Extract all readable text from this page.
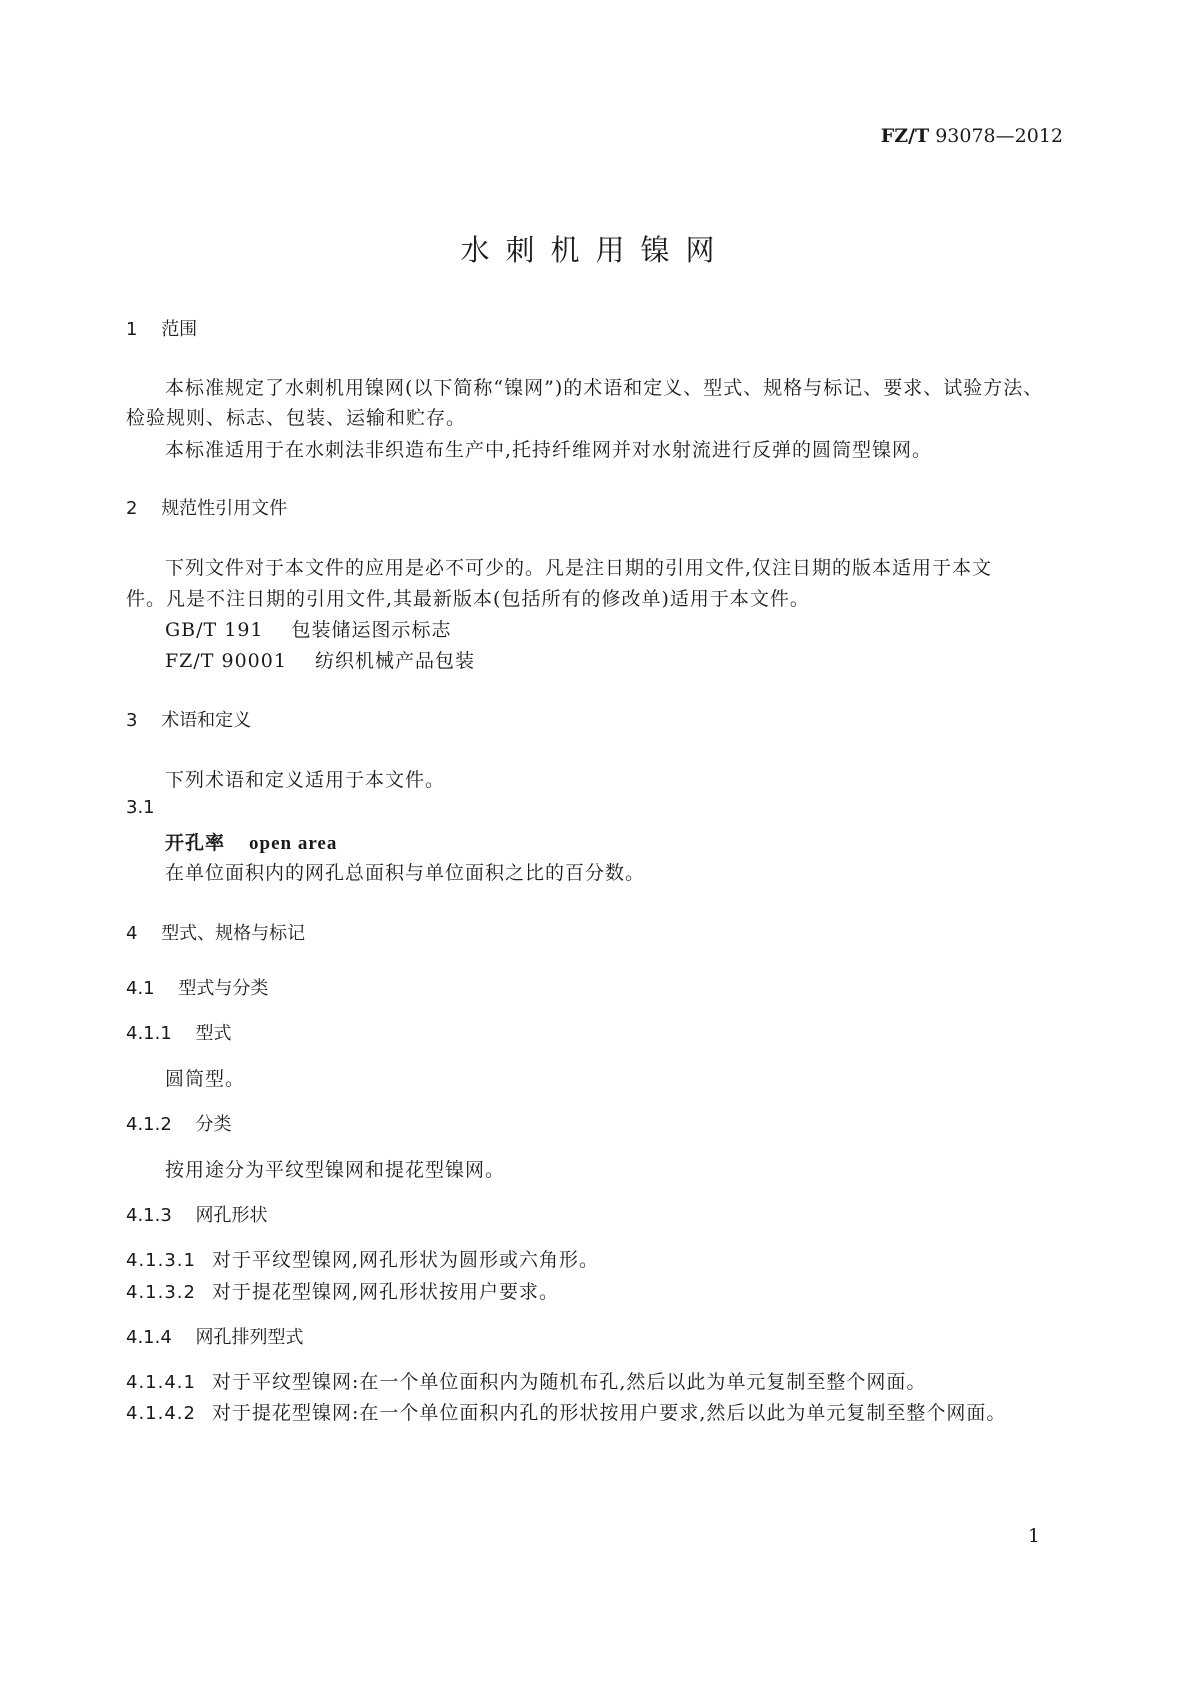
FZ/T 93078—2012
水刺机用镍网
1 范围
本标准规定了水刺机用镍网(以下简称“镍网”)的术语和定义、型式、规格与标记、要求、试验方法、
检验规则、标志、包装、运输和贮存。
本标准适用于在水刺法非织造布生产中,托持纤维网并对水射流进行反弹的圆筒型镍网。
2 规范性引用文件
下列文件对于本文件的应用是必不可少的。凡是注日期的引用文件,仅注日期的版本适用于本文
件。凡是不注日期的引用文件,其最新版本(包括所有的修改单)适用于本文件。
GB/T 191 包装储运图示标志
FZ/T 90001 纺织机械产品包装
3 术语和定义
下列术语和定义适用于本文件。
3.1
开孔率 open area
在单位面积内的网孔总面积与单位面积之比的百分数。
4 型式、规格与标记
4.1 型式与分类
4.1.1 型式
圆筒型。
4.1.2 分类
按用途分为平纹型镍网和提花型镍网。
4.1.3 网孔形状
4.1.3.1 对于平纹型镍网,网孔形状为圆形或六角形。
4.1.3.2 对于提花型镍网,网孔形状按用户要求。
4.1.4 网孔排列型式
4.1.4.1 对于平纹型镍网:在一个单位面积内为随机布孔,然后以此为单元复制至整个网面。
4.1.4.2 对于提花型镍网:在一个单位面积内孔的形状按用户要求,然后以此为单元复制至整个网面。
1
